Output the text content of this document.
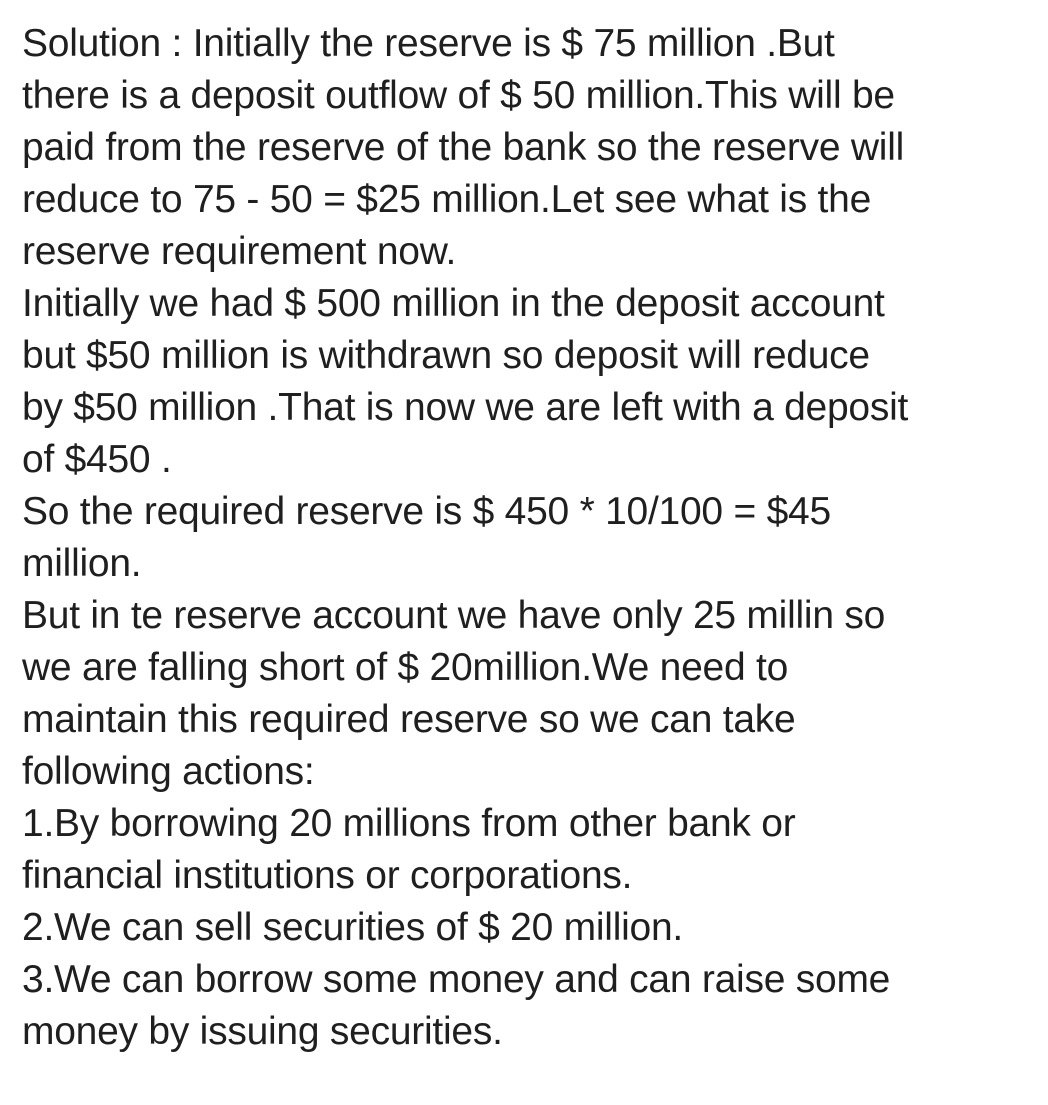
Solution : Initially the reserve is $ 75 million .But
there is a deposit outflow of $ 50 million.This will be
paid from the reserve of the bank so the reserve will
reduce to 75 - 50 = $25 million.Let see what is the
reserve requirement now.
Initially we had $ 500 million in the deposit account
but $50 million is withdrawn so deposit will reduce
by $50 million .That is now we are left with a deposit
of $450 .
So the required reserve is $ 450 * 10/100 = $45
million.
But in te reserve account we have only 25 millin so
we are falling short of $ 20million.We need to
maintain this required reserve so we can take
following actions:
1.By borrowing 20 millions from other bank or
financial institutions or corporations.
2.We can sell securities of $ 20 million.
3.We can borrow some money and can raise some
money by issuing securities.
